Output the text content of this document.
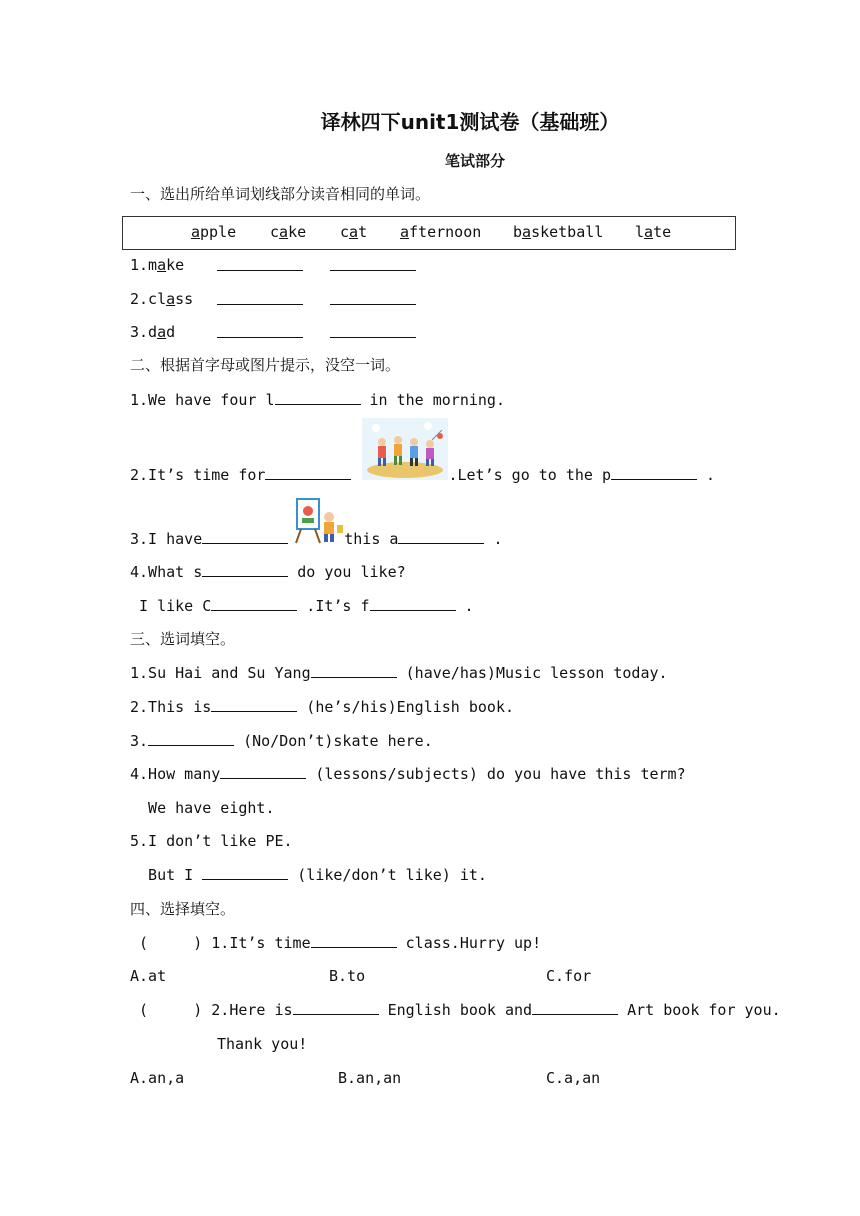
译林四下unit1测试卷（基础班）
笔试部分
一、选出所给单词划线部分读音相同的单词。
apple cake cat afternoon basketball late
1.make
2.class
3.dad
二、根据首字母或图片提示，没空一词。
1.We have four l	in the morning.
2.It’s time for	.Let’s go to the p	.
3.I have	this a	.
4.What s	do you like?
I like C	.It’s f	.
三、选词填空。
1.Su Hai and Su Yang	(have/has)Music lesson today.
2.This is	(he’s/his)English book.
3.	(No/Don’t)skate here.
4.How many	(lessons/subjects) do you have this term?
We have eight.
5.I don’t like PE.
But I	(like/don’t like) it.
四、选择填空。
(     ) 1.It’s time	class.Hurry up!
A.at	B.to	C.for
(     ) 2.Here is	English book and	Art book for you.
Thank you!
A.an,a	B.an,an	C.a,an
